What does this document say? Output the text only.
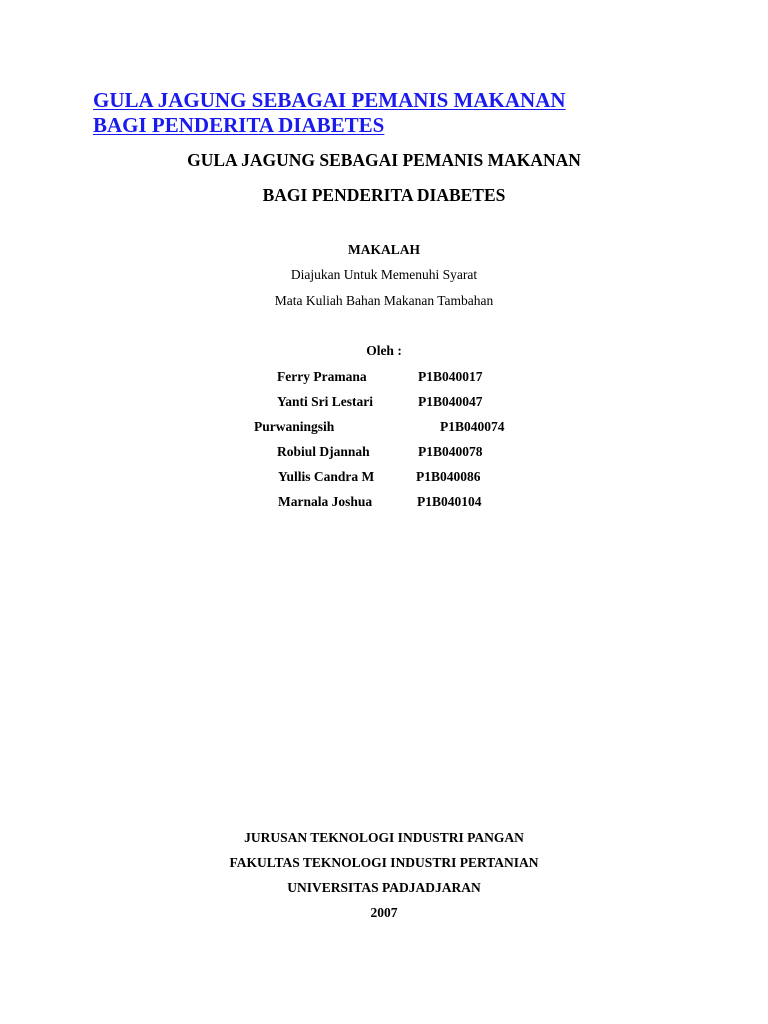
GULA JAGUNG SEBAGAI PEMANIS MAKANAN
BAGI PENDERITA DIABETES
GULA JAGUNG SEBAGAI PEMANIS MAKANAN
BAGI PENDERITA DIABETES
MAKALAH
Diajukan Untuk Memenuhi Syarat
Mata Kuliah Bahan Makanan Tambahan
Oleh :
Ferry Pramana	P1B040017
Yanti Sri Lestari	P1B040047
Purwaningsih	P1B040074
Robiul Djannah	P1B040078
Yullis Candra M	P1B040086
Marnala Joshua	P1B040104
JURUSAN TEKNOLOGI INDUSTRI PANGAN
FAKULTAS TEKNOLOGI INDUSTRI PERTANIAN
UNIVERSITAS PADJADJARAN
2007
